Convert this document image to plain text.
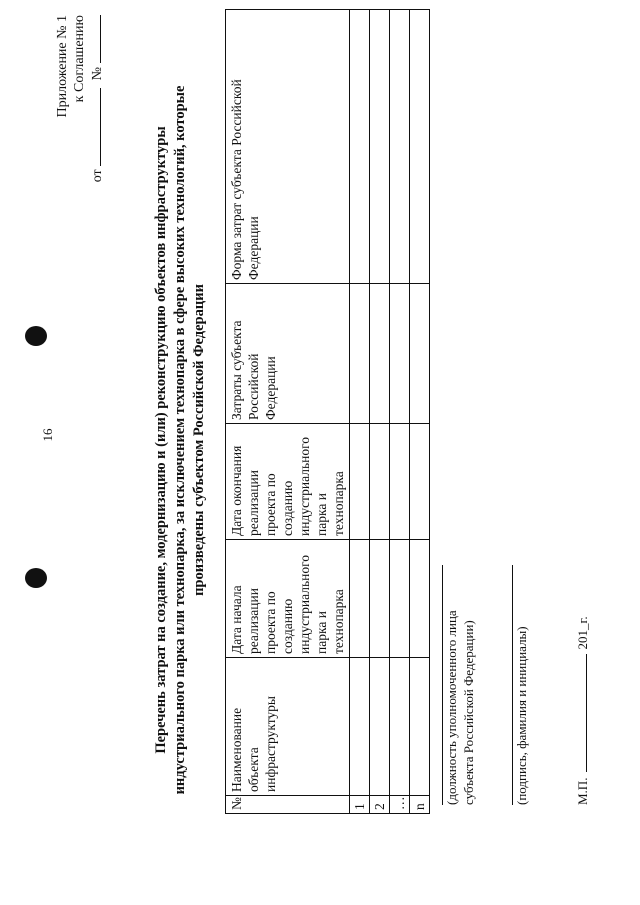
16
Приложение № 1 к Соглашению
от№
Перечень затрат на создание, модернизацию и (или) реконструкцию объектов инфраструктуры индустриального парка или технопарка, за исключением технопарка в сфере высоких технологий, которые произведены субъектом Российской Федерации
№	Наименование объекта инфраструктуры	Дата начала реализации проекта по созданию индустриального парка и технопарка	Дата окончания реализации проекта по созданию индустриального парка и технопарка	Затраты субъекта Российской Федерации	Форма затрат субъекта Российской Федерации
1					
2					
…					
n					
(должность уполномоченного лица субъекта Российской Федерации)	(подпись, фамилия и инициалы)	М.П.201_г.
